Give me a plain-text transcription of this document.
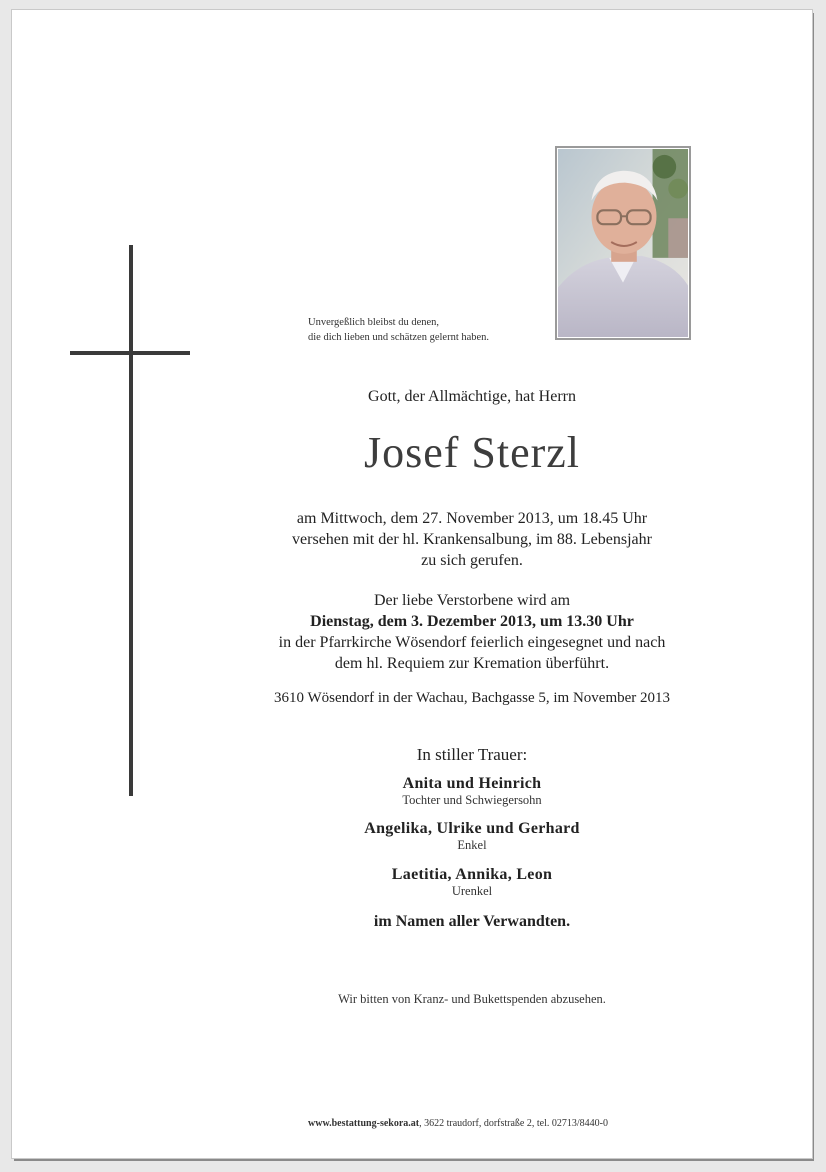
Unvergeßlich bleibst du denen,
die dich lieben und schätzen gelernt haben.
Gott, der Allmächtige, hat Herrn
Josef Sterzl
am Mittwoch, dem 27. November 2013, um 18.45 Uhr
versehen mit der hl. Krankensalbung, im 88. Lebensjahr
zu sich gerufen.
Der liebe Verstorbene wird am
Dienstag, dem 3. Dezember 2013, um 13.30 Uhr
in der Pfarrkirche Wösendorf feierlich eingesegnet und nach
dem hl. Requiem zur Kremation überführt.
3610 Wösendorf in der Wachau, Bachgasse 5, im November 2013
In stiller Trauer:
Anita und Heinrich
Tochter und Schwiegersohn
Angelika, Ulrike und Gerhard
Enkel
Laetitia, Annika, Leon
Urenkel
im Namen aller Verwandten.
Wir bitten von Kranz- und Bukettspenden abzusehen.
www.bestattung-sekora.at, 3622 traudorf, dorfstraße 2, tel. 02713/8440-0
